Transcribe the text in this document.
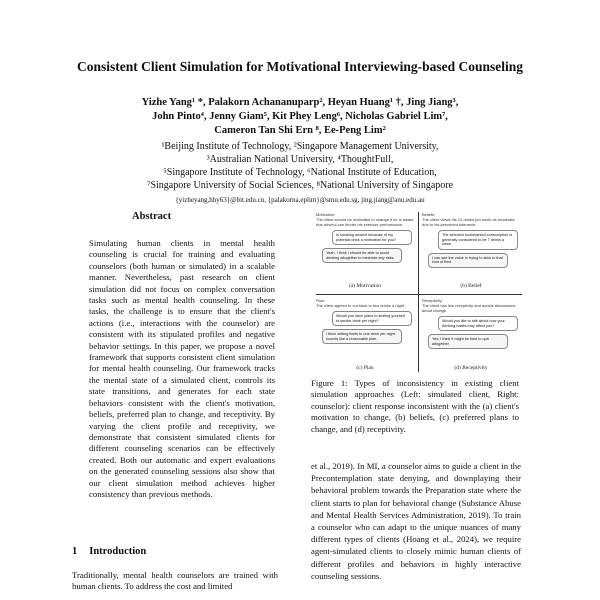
Consistent Client Simulation for Motivational Interviewing-based Counseling
Yizhe Yang¹ *, Palakorn Achananuparp², Heyan Huang¹ †, Jing Jiang³,
John Pinto⁴, Jenny Giam⁵, Kit Phey Leng⁶, Nicholas Gabriel Lim⁷,
Cameron Tan Shi Ern ⁸, Ee-Peng Lim²
¹Beijing Institute of Technology, ²Singapore Management University,
³Australian National University, ⁴ThoughtFull,
⁵Singapore Institute of Technology, ⁶National Institute of Education,
⁷Singapore University of Social Sciences, ⁸National University of Singapore
{yizheyang,hhy63}@bit.edu.cn, {palakorna,eplim}@smu.edu.sg, jing.jiang@anu.edu.au
Abstract
Simulating human clients in mental health counseling is crucial for training and evaluating counselors (both human or simulated) in a scalable manner. Nevertheless, past research on client simulation did not focus on complex conversation tasks such as mental health counseling. In these tasks, the challenge is to ensure that the client's actions (i.e., interactions with the counselor) are consistent with its stipulated profiles and negative behavior settings. In this paper, we propose a novel framework that supports consistent client simulation for mental health counseling. Our framework tracks the mental state of a simulated client, controls its state transitions, and generates for each state behaviors consistent with the client's motivation, beliefs, preferred plan to change, and receptivity. By varying the client profile and receptivity, we demonstrate that consistent simulated clients for different counseling scenarios can be effectively created. Both our automatic and expert evaluations on the generated counseling sessions also show that our client simulation method achieves higher consistency than previous methods.
1 Introduction
Traditionally, mental health counselors are trained with human clients. To address the cost and limited
Motivation:
The client should be motivated to change if he is aware that alcohol can hinder his exercise performance.
Is smoking alcohol because of my potential drink a motivation for you?
Yeah, I think I should be able to avoid drinking altogether to minimize any risks.
(a) Motivation
Beliefs:
The client views his 10 drinks per week as moderate due to his perceived tolerance.
The selected bookmarked consumption is generally considered to be 7 drinks a week.
I can see the value in trying to stick to that kind of limit.
(b) Belief
Plan:
The client agreed to cut back to two drinks a night.
Would you have plans to limiting yourself to smoke drink per night?
I think setting limits to one drink per night sounds like a reasonable plan.
(c) Plan
Receptivity:
The client has low receptivity and avoids discussions about change.
Would you like to talk about how your drinking habits may affect you?
Yes, I think it might be time to quit altogether.
(d) Receptivity
Figure 1: Types of inconsistency in existing client simulation approaches (Left: simulated client, Right: counselor): client response inconsistent with the (a) client's motivation to change, (b) beliefs, (c) preferred plans to change, and (d) receptivity.
et al., 2019). In MI, a counselor aims to guide a client in the Precontemplation state denying, and downplaying their behavioral problem towards the Preparation state where the client starts to plan for behavioral change (Substance Abuse and Mental Health Services Administration, 2019). To train a counselor who can adapt to the unique nuances of many different types of clients (Hoang et al., 2024), we require agent-simulated clients to closely mimic human clients of different profiles and behaviors in highly interactive counseling sessions.
